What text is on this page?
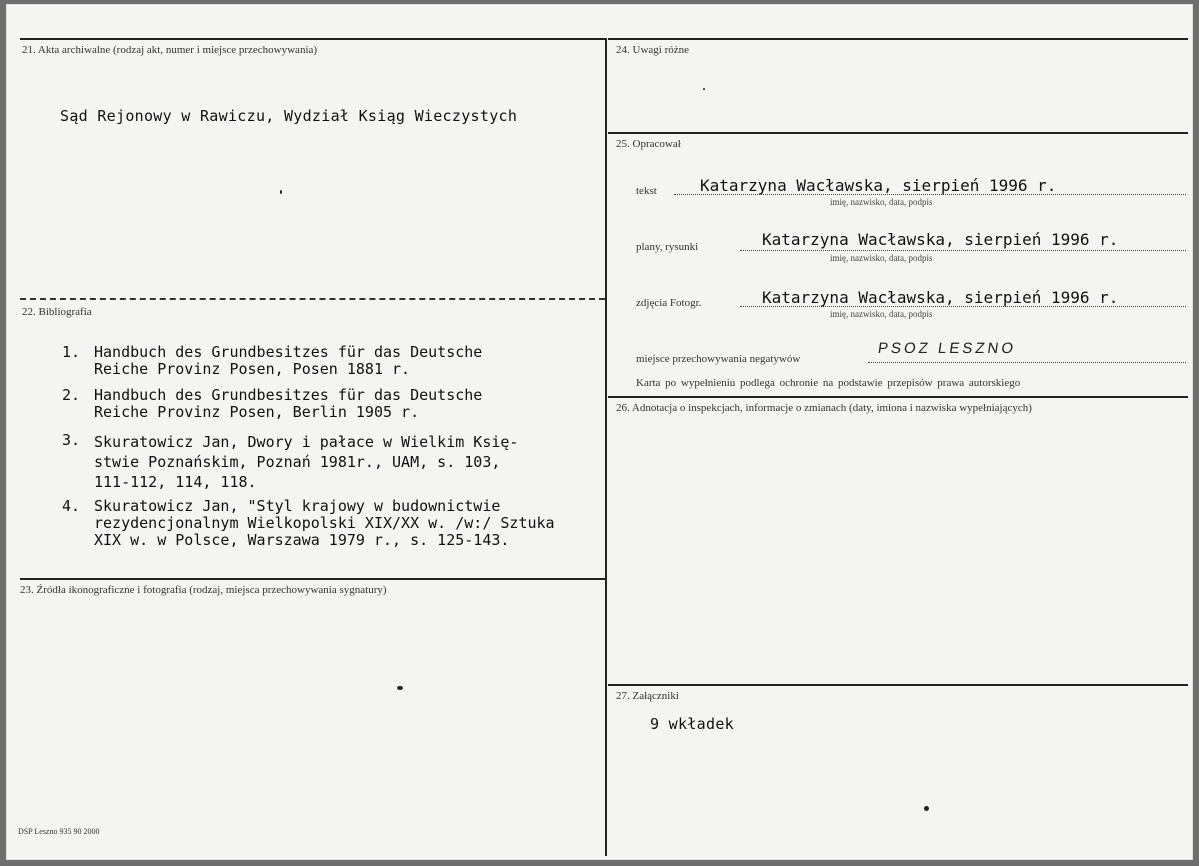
21. Akta archiwalne (rodzaj akt, numer i miejsce przechowywania)
Sąd Rejonowy w Rawiczu, Wydział Ksiąg Wieczystych
22. Bibliografia
1. Handbuch des Grundbesitzes für das Deutsche
Reiche Provinz Posen, Posen 1881 r.
2. Handbuch des Grundbesitzes für das Deutsche
Reiche Provinz Posen, Berlin 1905 r.
3. Skuratowicz Jan, Dwory i pałace w Wielkim Księ-
stwie Poznańskim, Poznań 1981r., UAM, s. 103,
111-112, 114, 118.
4. Skuratowicz Jan, "Styl krajowy w budownictwie
rezydencjonalnym Wielkopolski XIX/XX w. /w:/ Sztuka
XIX w. w Polsce, Warszawa 1979 r., s. 125-143.
23. Źródła ikonograficzne i fotografia (rodzaj, miejsca przechowywania sygnatury)
24. Uwagi różne
25. Opracował
tekst	Katarzyna Wacławska, sierpień 1996 r.
imię, nazwisko, data, podpis
plany, rysunki	Katarzyna Wacławska, sierpień 1996 r.
imię, nazwisko, data, podpis
zdjęcia Fotogr.	Katarzyna Wacławska, sierpień 1996 r.
imię, nazwisko, data, podpis
miejsce przechowywania negatywów
PSOZ LESZNO
Karta po wypełnieniu podlega ochronie na podstawie przepisów prawa autorskiego
26. Adnotacja o inspekcjach, informacje o zmianach (daty, imiona i nazwiska wypełniających)
27. Załączniki
9 wkładek
DSP Leszno 935 90 2000
